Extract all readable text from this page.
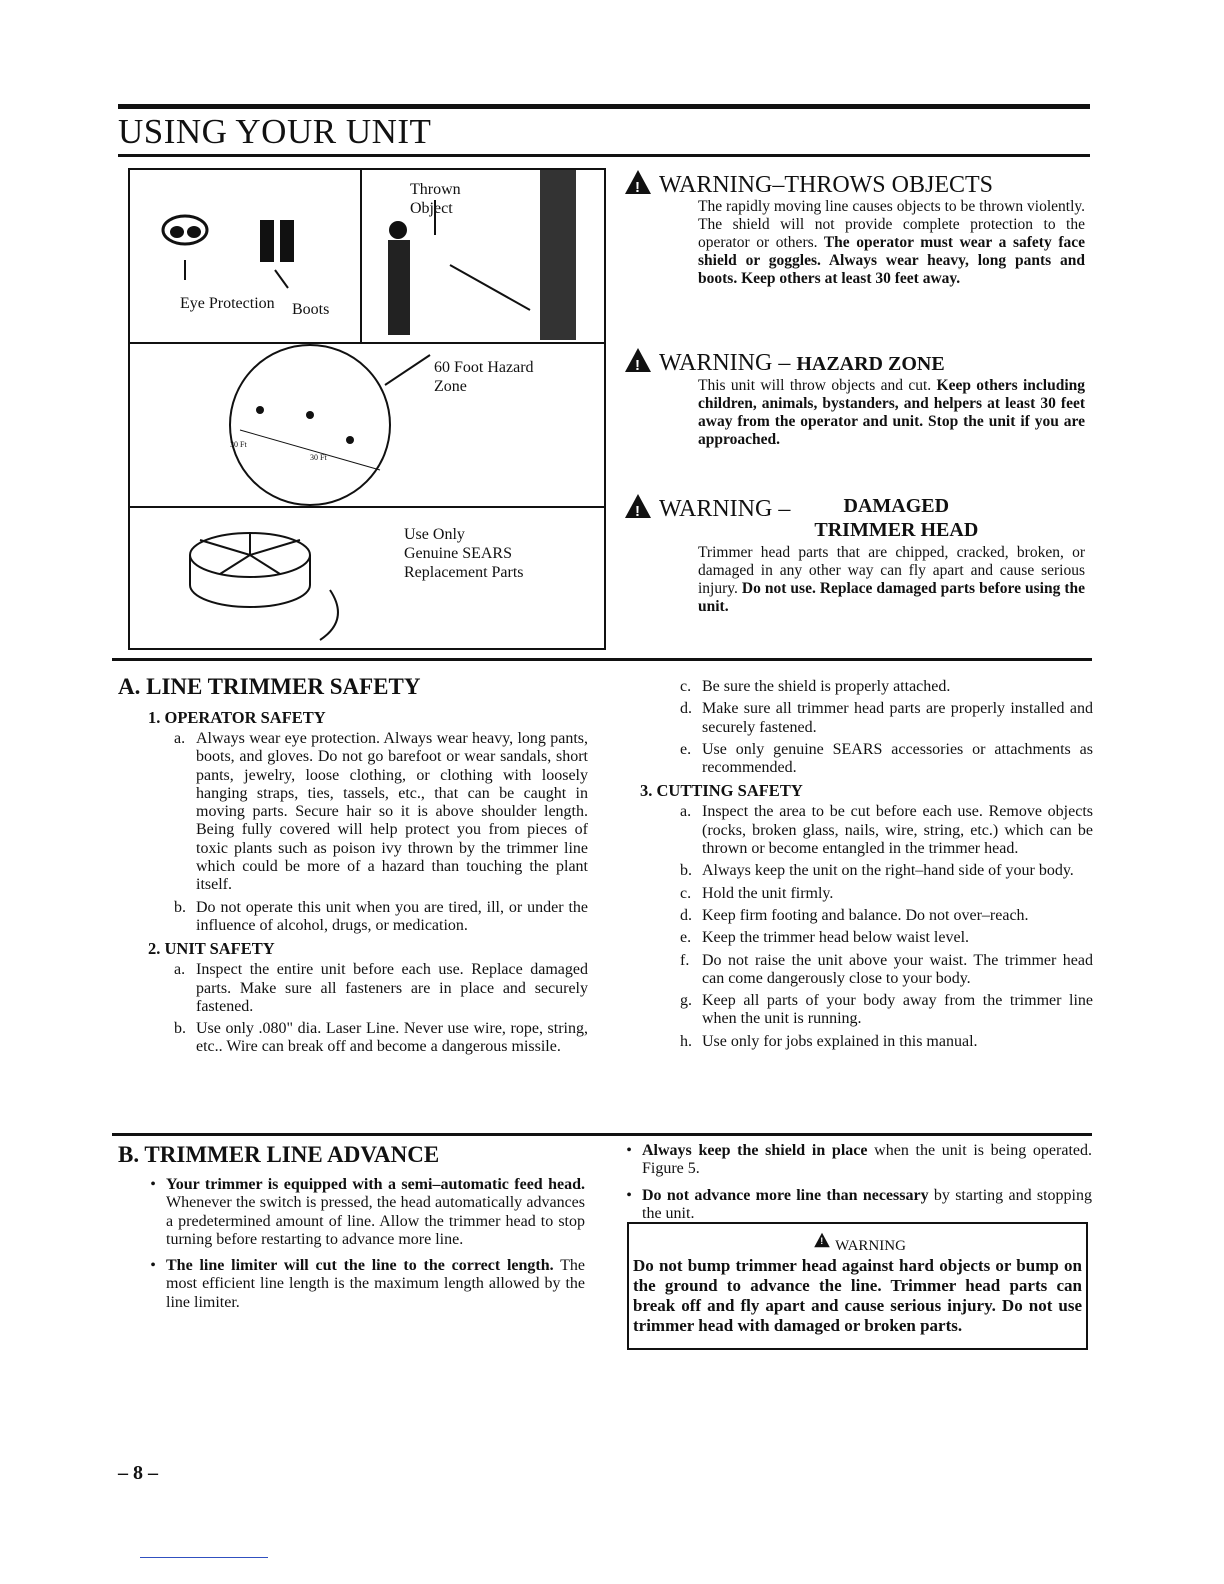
USING YOUR UNIT
Thrown Object
Eye Protection Boots
30 Ft
30 Ft
60 Foot Hazard Zone
Use Only
Genuine SEARS
Replacement Parts
!WARNING–THROWS OBJECTS
The rapidly moving line causes objects to be thrown violently. The shield will not provide complete protection to the operator or others. The operator must wear a safety face shield or goggles. Always wear heavy, long pants and boots. Keep others at least 30 feet away.
!WARNING – HAZARD ZONE
This unit will throw objects and cut. Keep others including children, animals, bystanders, and helpers at least 30 feet away from the operator and unit. Stop the unit if you are approached.
!WARNING – DAMAGED TRIMMER HEAD
Trimmer head parts that are chipped, cracked, broken, or damaged in any other way can fly apart and cause serious injury. Do not use. Replace damaged parts before using the unit.
A. LINE TRIMMER SAFETY
1. OPERATOR SAFETY
a. Always wear eye protection. Always wear heavy, long pants, boots, and gloves. Do not go barefoot or wear sandals, short pants, jewelry, loose clothing, or clothing with loosely hanging straps, ties, tassels, etc., that can be caught in moving parts. Secure hair so it is above shoulder length. Being fully covered will help protect you from pieces of toxic plants such as poison ivy thrown by the trimmer line which could be more of a hazard than touching the plant itself.
b. Do not operate this unit when you are tired, ill, or under the influence of alcohol, drugs, or medication.
2. UNIT SAFETY
a. Inspect the entire unit before each use. Replace damaged parts. Make sure all fasteners are in place and securely fastened.
b. Use only .080" dia. Laser Line. Never use wire, rope, string, etc.. Wire can break off and become a dangerous missile.
c. Be sure the shield is properly attached.
d. Make sure all trimmer head parts are properly installed and securely fastened.
e. Use only genuine SEARS accessories or attachments as recommended.
3. CUTTING SAFETY
a. Inspect the area to be cut before each use. Remove objects (rocks, broken glass, nails, wire, string, etc.) which can be thrown or become entangled in the trimmer head.
b. Always keep the unit on the right–hand side of your body.
c. Hold the unit firmly.
d. Keep firm footing and balance. Do not over–reach.
e. Keep the trimmer head below waist level.
f. Do not raise the unit above your waist. The trimmer head can come dangerously close to your body.
g. Keep all parts of your body away from the trimmer line when the unit is running.
h. Use only for jobs explained in this manual.
B. TRIMMER LINE ADVANCE
• Your trimmer is equipped with a semi–automatic feed head. Whenever the switch is pressed, the head automatically advances a predetermined amount of line. Allow the trimmer head to stop turning before restarting to advance more line.
• The line limiter will cut the line to the correct length. The most efficient line length is the maximum length allowed by the line limiter.
• Always keep the shield in place when the unit is being operated. Figure 5.
• Do not advance more line than necessary by starting and stopping the unit.
!WARNING
Do not bump trimmer head against hard objects or bump on the ground to advance the line. Trimmer head parts can break off and fly apart and cause serious injury. Do not use trimmer head with damaged or broken parts.
– 8 –
